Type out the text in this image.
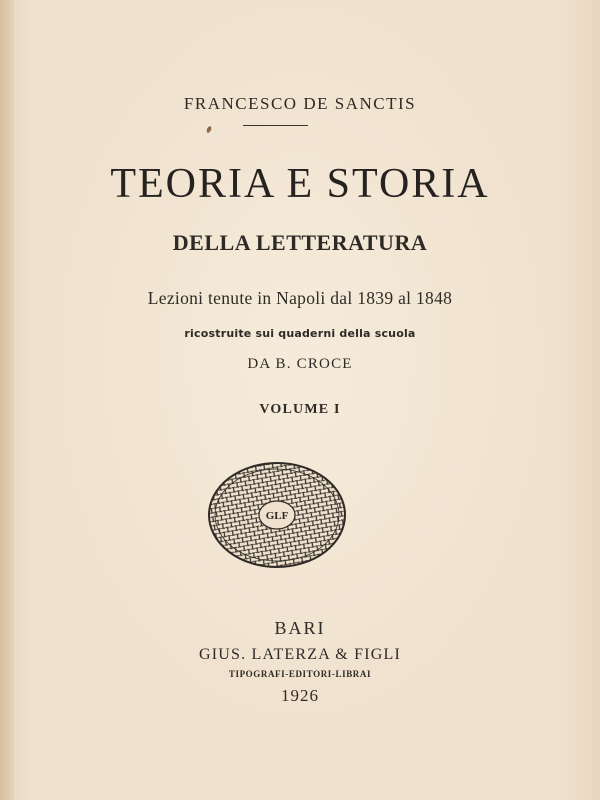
FRANCESCO DE SANCTIS
TEORIA E STORIA
DELLA LETTERATURA
Lezioni tenute in Napoli dal 1839 al 1848
ricostruite sui quaderni della scuola
DA B. CROCE
VOLUME I
GLF
BARI
GIUS. LATERZA & FIGLI
TIPOGRAFI-EDITORI-LIBRAI
1926
